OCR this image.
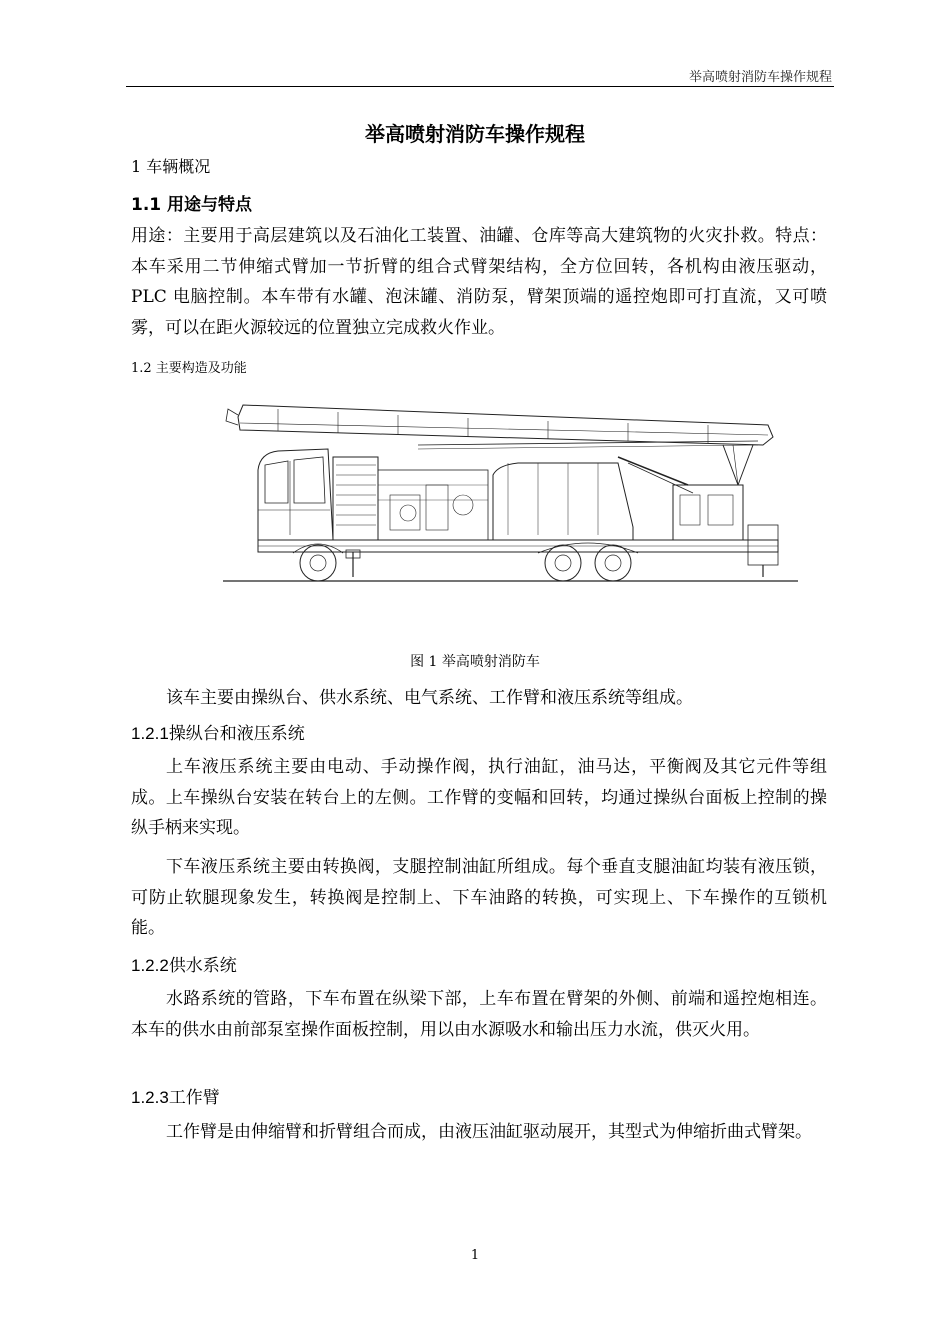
举高喷射消防车操作规程
举高喷射消防车操作规程
1 车辆概况
1.1 用途与特点
用途：主要用于高层建筑以及石油化工装置、油罐、仓库等高大建筑物的火灾扑救。特点：本车采用二节伸缩式臂加一节折臂的组合式臂架结构，全方位回转，各机构由液压驱动，PLC 电脑控制。本车带有水罐、泡沫罐、消防泵，臂架顶端的遥控炮即可打直流，又可喷雾，可以在距火源较远的位置独立完成救火作业。
1.2 主要构造及功能
图 1 举高喷射消防车
该车主要由操纵台、供水系统、电气系统、工作臂和液压系统等组成。
1.2.1操纵台和液压系统
上车液压系统主要由电动、手动操作阀，执行油缸，油马达，平衡阀及其它元件等组成。上车操纵台安装在转台上的左侧。工作臂的变幅和回转，均通过操纵台面板上控制的操纵手柄来实现。
下车液压系统主要由转换阀，支腿控制油缸所组成。每个垂直支腿油缸均装有液压锁，可防止软腿现象发生，转换阀是控制上、下车油路的转换，可实现上、下车操作的互锁机能。
1.2.2供水系统
水路系统的管路，下车布置在纵梁下部，上车布置在臂架的外侧、前端和遥控炮相连。本车的供水由前部泵室操作面板控制，用以由水源吸水和输出压力水流，供灭火用。
1.2.3工作臂
工作臂是由伸缩臂和折臂组合而成，由液压油缸驱动展开，其型式为伸缩折曲式臂架。
1
